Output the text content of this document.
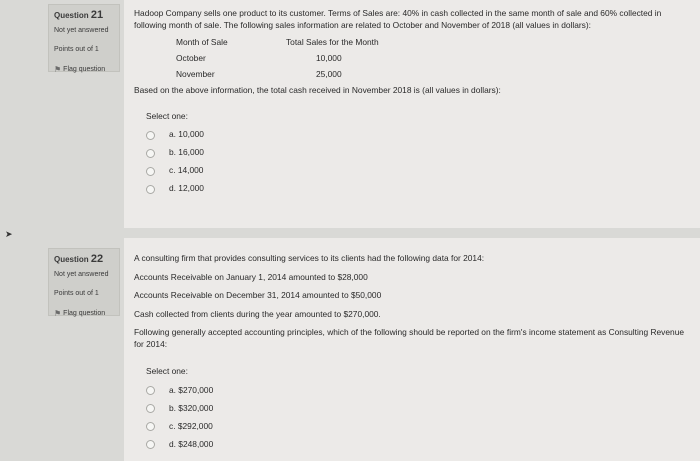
Question 21
Not yet answered
Points out of 1
⚑ Flag question
Hadoop Company sells one product to its customer. Terms of Sales are: 40% in cash collected in the same month of sale and 60% collected in following month of sale. The following sales information are related to October and November of 2018 (all values in dollars):
Month of Sale	Total Sales for the Month
October	10,000
November	25,000
Based on the above information, the total cash received in November 2018 is (all values in dollars):
Select one:
a. 10,000
b. 16,000
c. 14,000
d. 12,000
➤
Question 22
Not yet answered
Points out of 1
⚑ Flag question
A consulting firm that provides consulting services to its clients had the following data for 2014:
Accounts Receivable on January 1, 2014 amounted to $28,000
Accounts Receivable on December 31, 2014 amounted to $50,000
Cash collected from clients during the year amounted to $270,000.
Following generally accepted accounting principles, which of the following should be reported on the firm's income statement as Consulting Revenue for 2014:
Select one:
a. $270,000
b. $320,000
c. $292,000
d. $248,000
